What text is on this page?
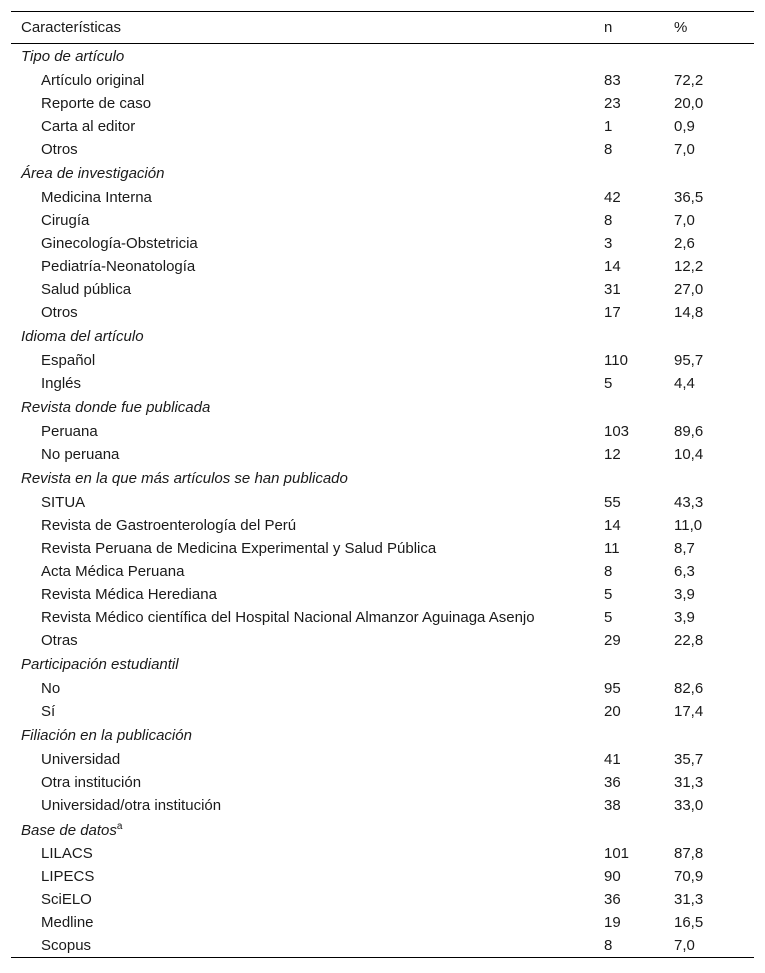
Características	n	%
Tipo de artículo		
Artículo original	83	72,2
Reporte de caso	23	20,0
Carta al editor	1	0,9
Otros	8	7,0
Área de investigación		
Medicina Interna	42	36,5
Cirugía	8	7,0
Ginecología-Obstetricia	3	2,6
Pediatría-Neonatología	14	12,2
Salud pública	31	27,0
Otros	17	14,8
Idioma del artículo		
Español	110	95,7
Inglés	5	4,4
Revista donde fue publicada		
Peruana	103	89,6
No peruana	12	10,4
Revista en la que más artículos se han publicado		
SITUA	55	43,3
Revista de Gastroenterología del Perú	14	11,0
Revista Peruana de Medicina Experimental y Salud Pública	11	8,7
Acta Médica Peruana	8	6,3
Revista Médica Herediana	5	3,9
Revista Médico científica del Hospital Nacional Almanzor Aguinaga Asenjo	5	3,9
Otras	29	22,8
Participación estudiantil		
No	95	82,6
Sí	20	17,4
Filiación en la publicación		
Universidad	41	35,7
Otra institución	36	31,3
Universidad/otra institución	38	33,0
Base de datos$^a$		
LILACS	101	87,8
LIPECS	90	70,9
SciELO	36	31,3
Medline	19	16,5
Scopus	8	7,0
